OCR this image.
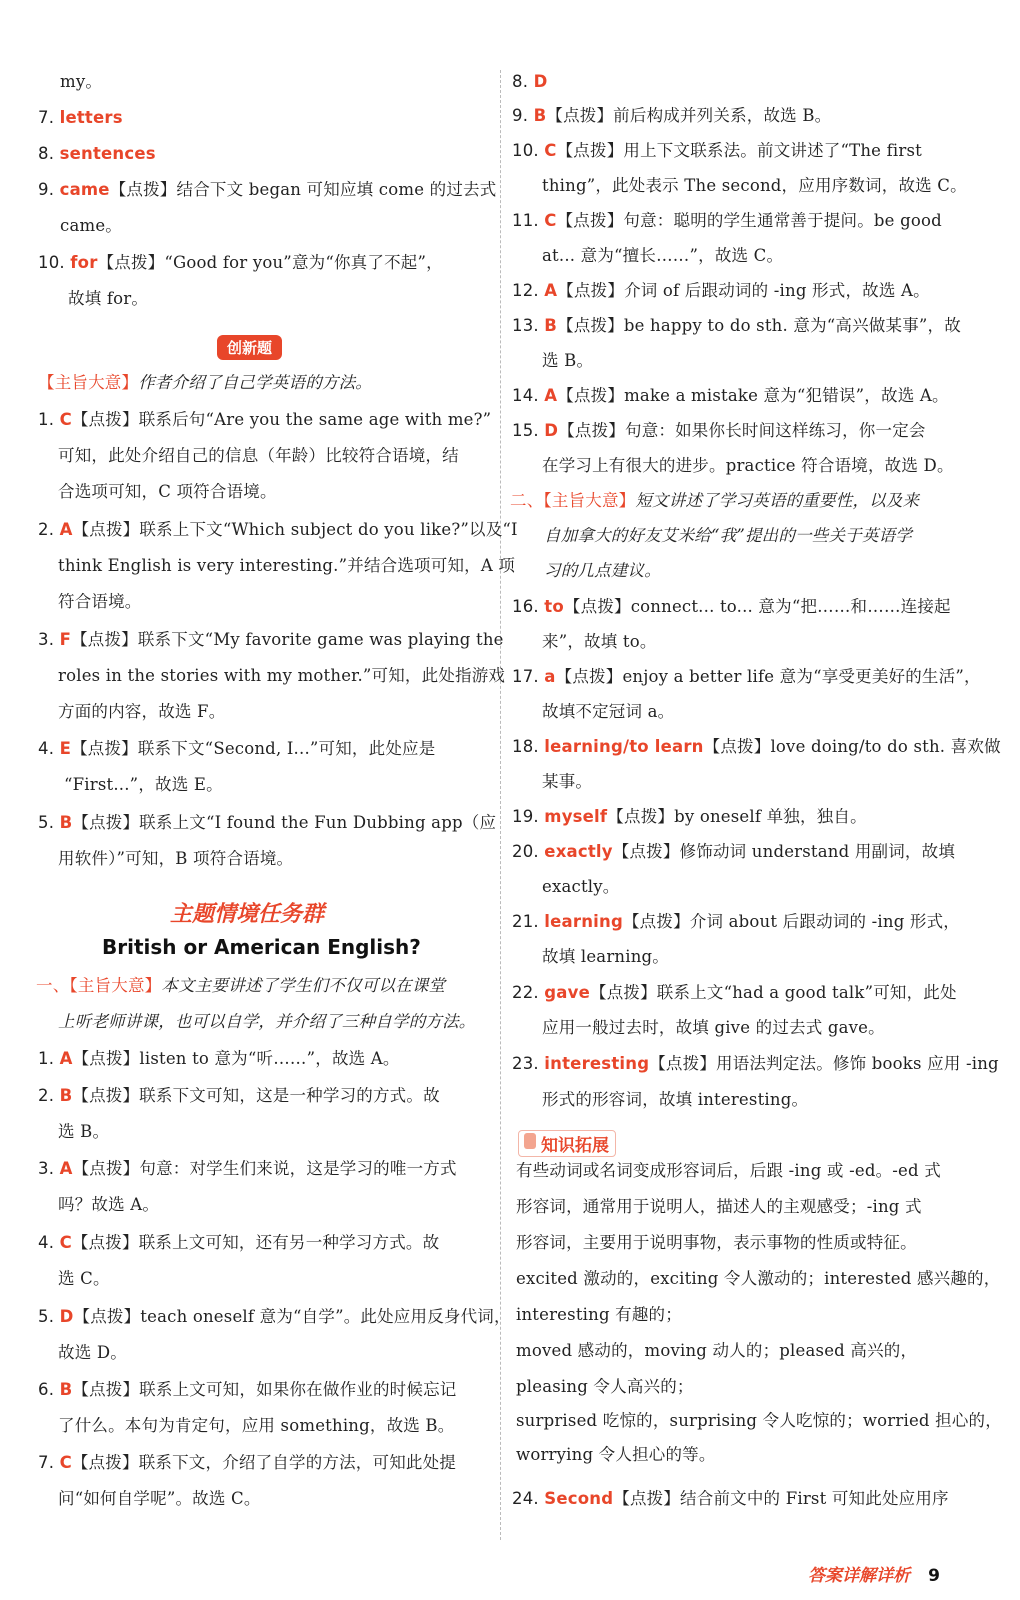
my。
7. letters
8. sentences
9. came【点拨】结合下文 began 可知应填 come 的过去式
came。
10. for【点拨】“Good for you”意为“你真了不起”，
故填 for。
1. C【点拨】联系后句“Are you the same age with me?”
可知，此处介绍自己的信息（年龄）比较符合语境，结
合选项可知，C 项符合语境。
2. A【点拨】联系上下文“Which subject do you like?”以及“I
think English is very interesting.”并结合选项可知，A 项
符合语境。
3. F【点拨】联系下文“My favorite game was playing the
roles in the stories with my mother.”可知，此处指游戏
方面的内容，故选 F。
4. E【点拨】联系下文“Second, I...”可知，此处应是
“First...”，故选 E。
5. B【点拨】联系上文“I found the Fun Dubbing app（应
用软件）”可知，B 项符合语境。
1. A【点拨】listen to 意为“听……”，故选 A。
2. B【点拨】联系下文可知，这是一种学习的方式。故
选 B。
3. A【点拨】句意：对学生们来说，这是学习的唯一方式
吗？故选 A。
4. C【点拨】联系上文可知，还有另一种学习方式。故
选 C。
5. D【点拨】teach oneself 意为“自学”。此处应用反身代词，
故选 D。
6. B【点拨】联系上文可知，如果你在做作业的时候忘记
了什么。本句为肯定句，应用 something，故选 B。
7. C【点拨】联系下文，介绍了自学的方法，可知此处提
问“如何自学呢”。故选 C。
8. D
9. B【点拨】前后构成并列关系，故选 B。
10. C【点拨】用上下文联系法。前文讲述了“The first
thing”，此处表示 The second，应用序数词，故选 C。
11. C【点拨】句意：聪明的学生通常善于提问。be good
at... 意为“擅长……”，故选 C。
12. A【点拨】介词 of 后跟动词的 -ing 形式，故选 A。
13. B【点拨】be happy to do sth. 意为“高兴做某事”，故
选 B。
14. A【点拨】make a mistake 意为“犯错误”，故选 A。
15. D【点拨】句意：如果你长时间这样练习，你一定会
在学习上有很大的进步。practice 符合语境，故选 D。
16. to【点拨】connect... to... 意为“把……和……连接起
来”，故填 to。
17. a【点拨】enjoy a better life 意为“享受更美好的生活”，
故填不定冠词 a。
18. learning/to learn【点拨】love doing/to do sth. 喜欢做
某事。
19. myself【点拨】by oneself 单独，独自。
20. exactly【点拨】修饰动词 understand 用副词，故填
exactly。
21. learning【点拨】介词 about 后跟动词的 -ing 形式，
故填 learning。
22. gave【点拨】联系上文“had a good talk”可知，此处
应用一般过去时，故填 give 的过去式 gave。
23. interesting【点拨】用语法判定法。修饰 books 应用 -ing
形式的形容词，故填 interesting。
有些动词或名词变成形容词后，后跟 -ing 或 -ed。-ed 式
形容词，通常用于说明人，描述人的主观感受；-ing 式
形容词，主要用于说明事物，表示事物的性质或特征。
excited 激动的，exciting 令人激动的；interested 感兴趣的，
interesting 有趣的；
moved 感动的，moving 动人的；pleased 高兴的，
pleasing 令人高兴的；
surprised 吃惊的，surprising 令人吃惊的；worried 担心的，
worrying 令人担心的等。
24. Second【点拨】结合前文中的 First 可知此处应用序
创新题
【主旨大意】作者介绍了自己学英语的方法。
主题情境任务群
British or American English?
一、【主旨大意】本文主要讲述了学生们不仅可以在课堂
上听老师讲课，也可以自学，并介绍了三种自学的方法。
二、【主旨大意】短文讲述了学习英语的重要性，以及来
自加拿大的好友艾米给“我”提出的一些关于英语学
习的几点建议。
知识拓展
答案详解详析 9
